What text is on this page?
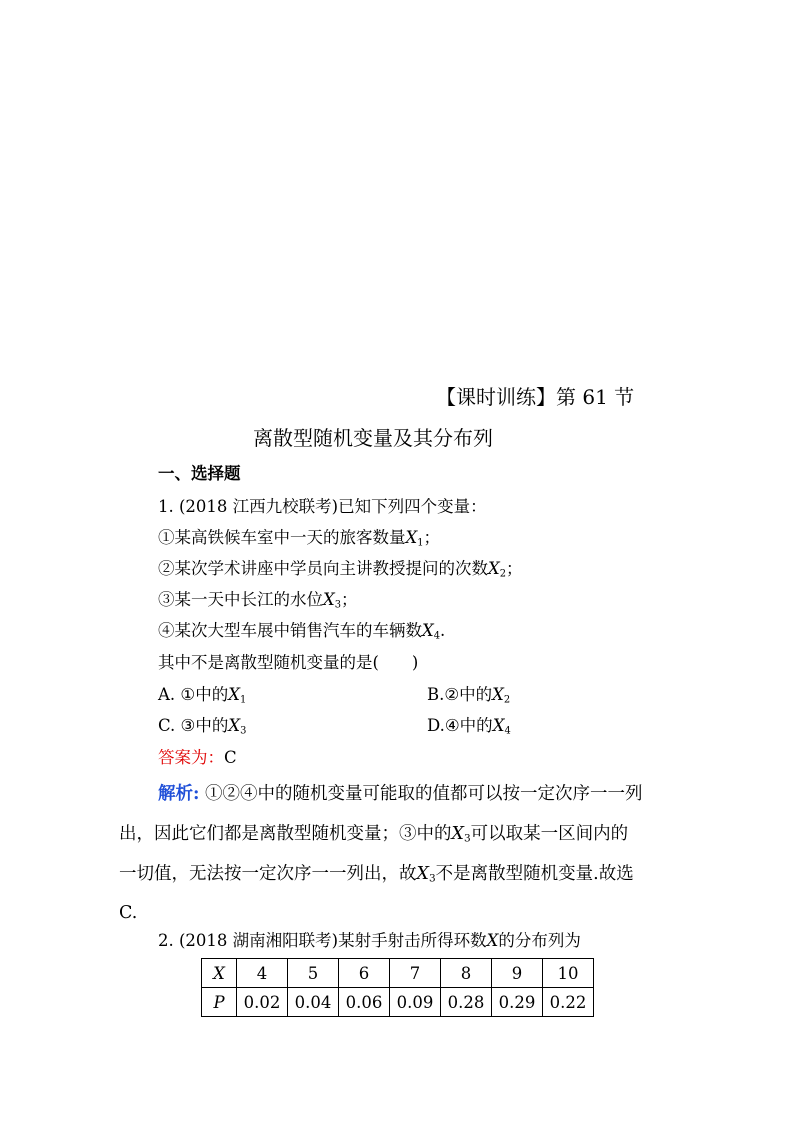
【课时训练】第 61 节
离散型随机变量及其分布列
一、选择题
1. (2018 江西九校联考)已知下列四个变量：
①某高铁候车室中一天的旅客数量$X_1$；
②某次学术讲座中学员向主讲教授提问的次数$X_2$；
③某一天中长江的水位$X_3$；
④某次大型车展中销售汽车的车辆数$X_4$.
其中不是离散型随机变量的是(　　)
A. ①中的$X_1$	B.②中的$X_2$
C. ③中的$X_3$	D.④中的$X_4$
答案为：C
解析: ①②④中的随机变量可能取的值都可以按一定次序一一列
出，因此它们都是离散型随机变量；③中的$X_3$可以取某一区间内的
一切值，无法按一定次序一一列出，故$X_3$不是离散型随机变量.故选
C.
2. (2018 湖南湘阳联考)某射手射击所得环数X的分布列为
X	4	5	6	7	8	9	10
P	0.02	0.04	0.06	0.09	0.28	0.29	0.22
